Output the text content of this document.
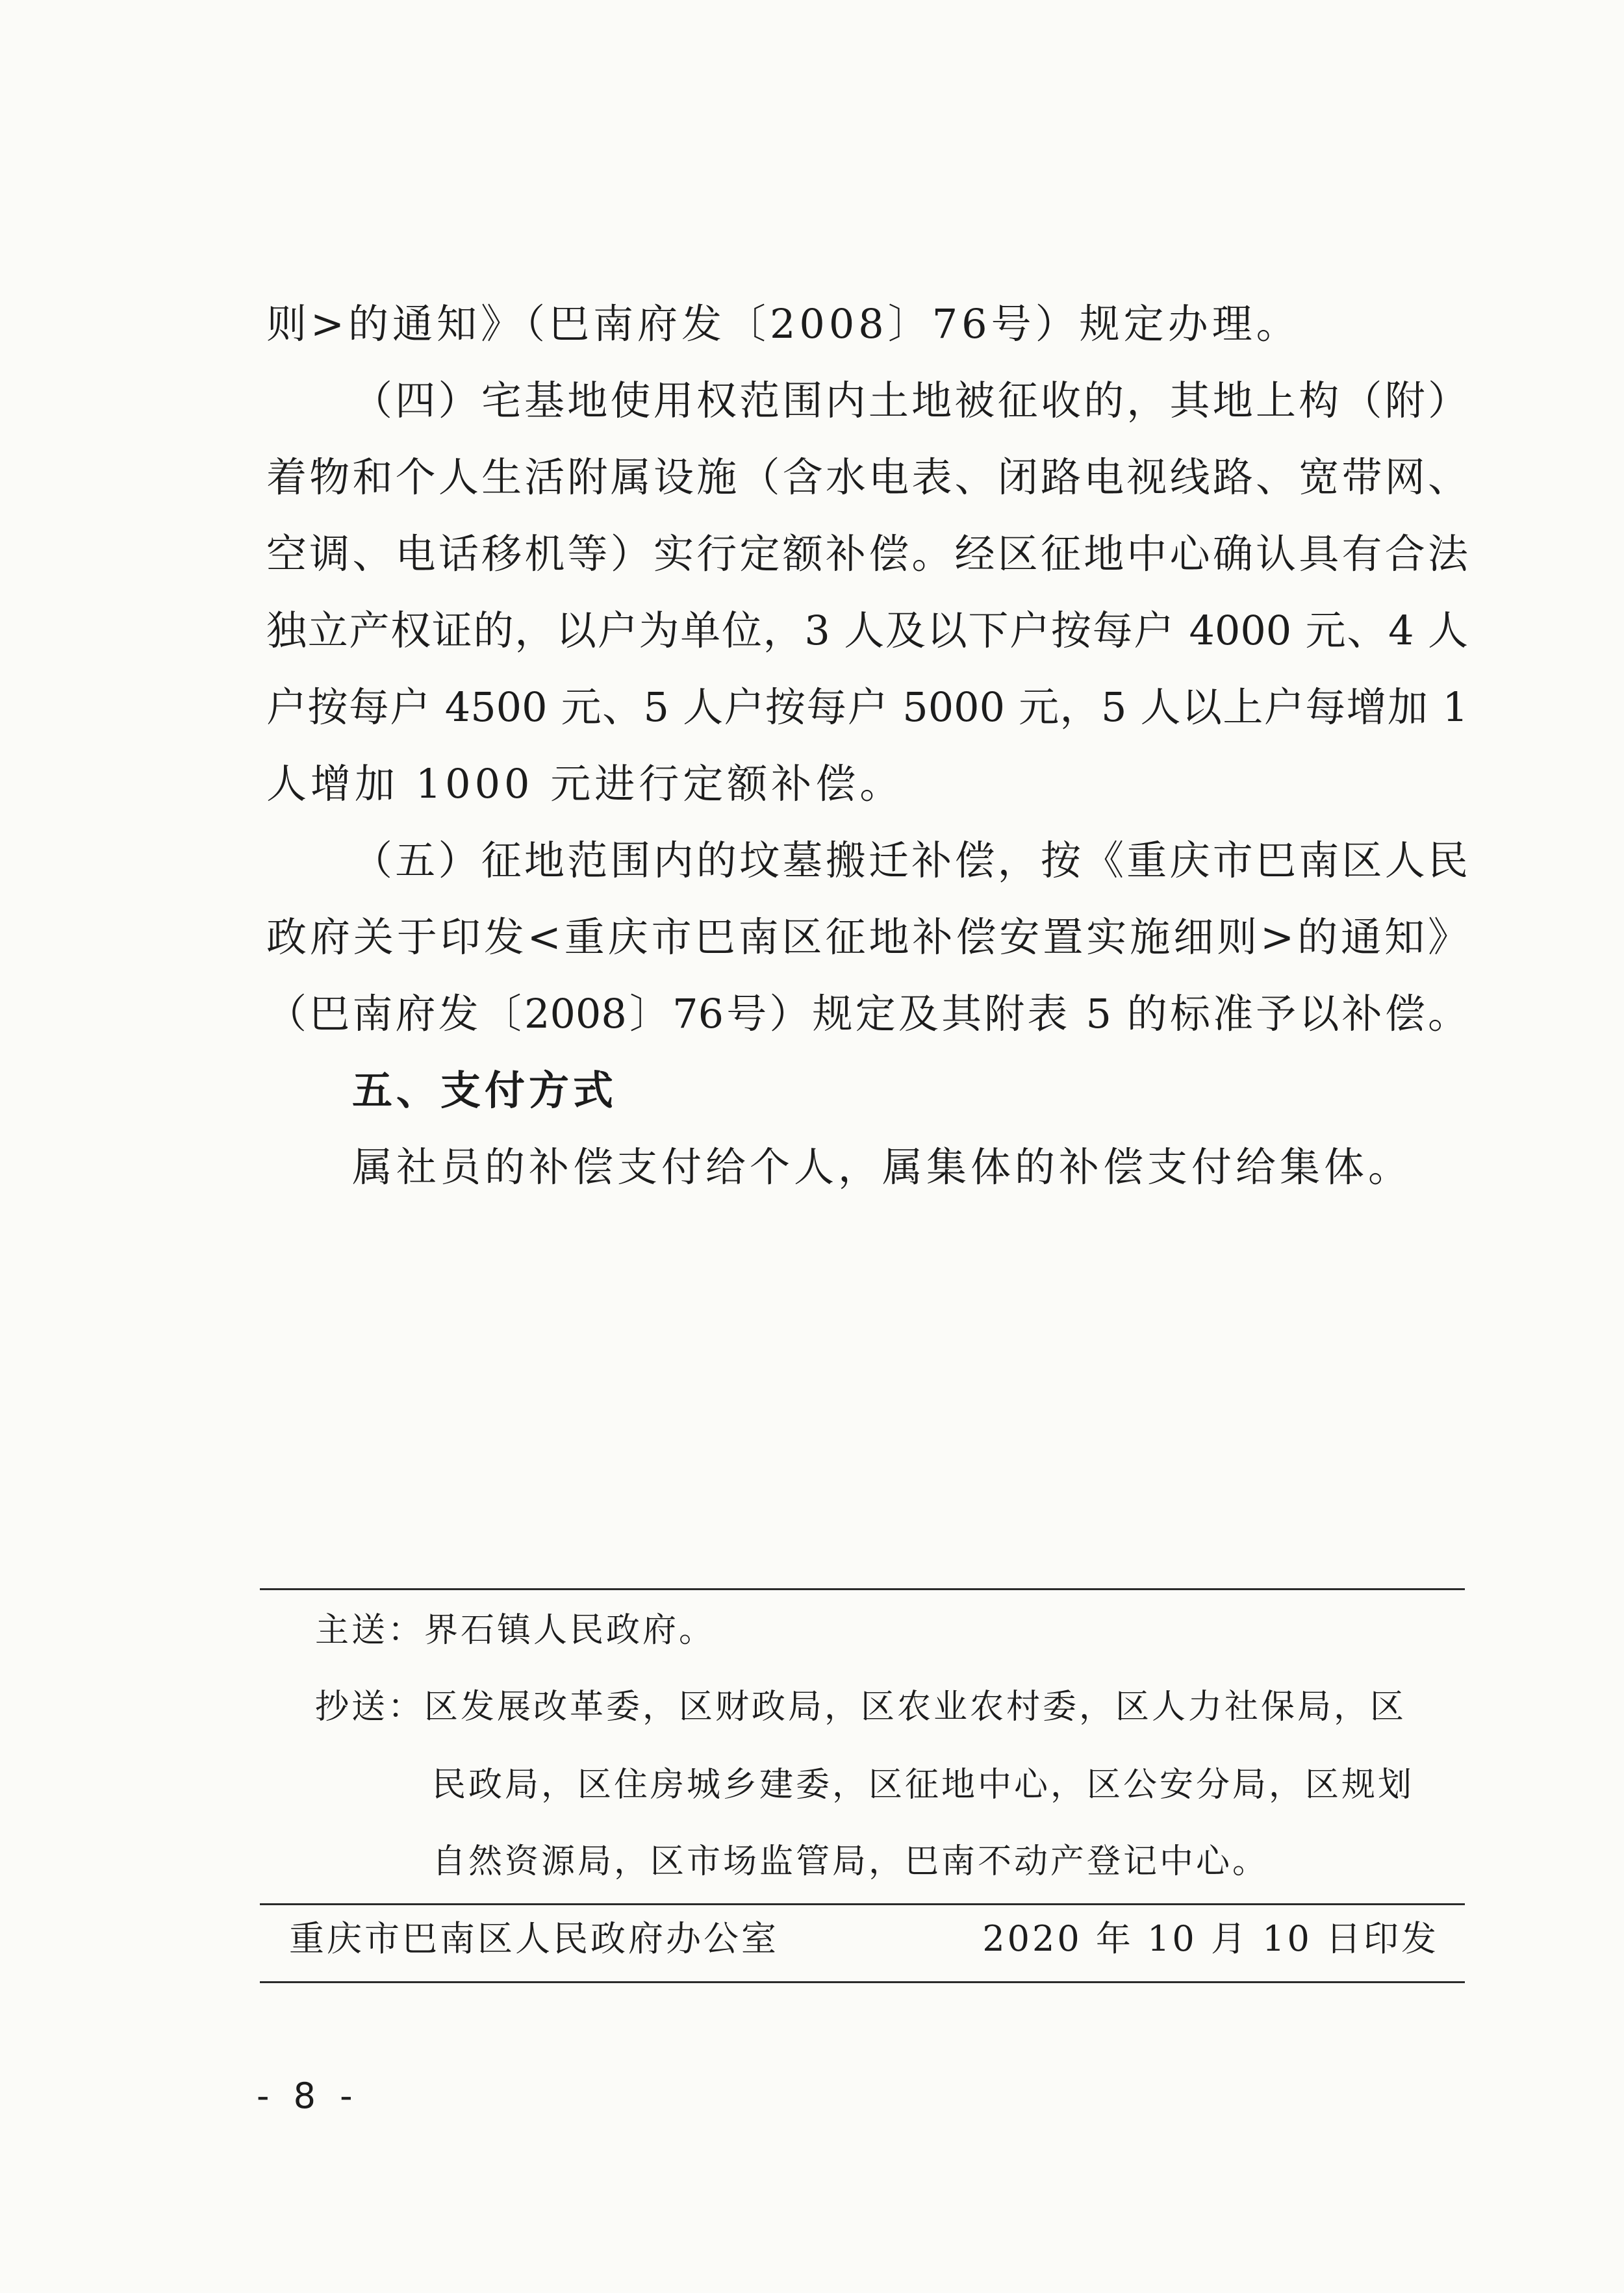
则>的通知》（巴南府发〔2008〕76号）规定办理。
（四）宅基地使用权范围内土地被征收的，其地上构（附）
着物和个人生活附属设施（含水电表、闭路电视线路、宽带网、
空调、电话移机等）实行定额补偿。经区征地中心确认具有合法
独立产权证的，以户为单位，3 人及以下户按每户 4000 元、4 人
户按每户 4500 元、5 人户按每户 5000 元，5 人以上户每增加 1
人增加 1000 元进行定额补偿。
（五）征地范围内的坟墓搬迁补偿，按《重庆市巴南区人民
政府关于印发<重庆市巴南区征地补偿安置实施细则>的通知》
（巴南府发〔2008〕76号）规定及其附表 5 的标准予以补偿。
五、支付方式
属社员的补偿支付给个人，属集体的补偿支付给集体。
主送：界石镇人民政府。
抄送：区发展改革委，区财政局，区农业农村委，区人力社保局，区
民政局，区住房城乡建委，区征地中心，区公安分局，区规划
自然资源局，区市场监管局，巴南不动产登记中心。
重庆市巴南区人民政府办公室	2020 年 10 月 10 日印发
- 8 -
